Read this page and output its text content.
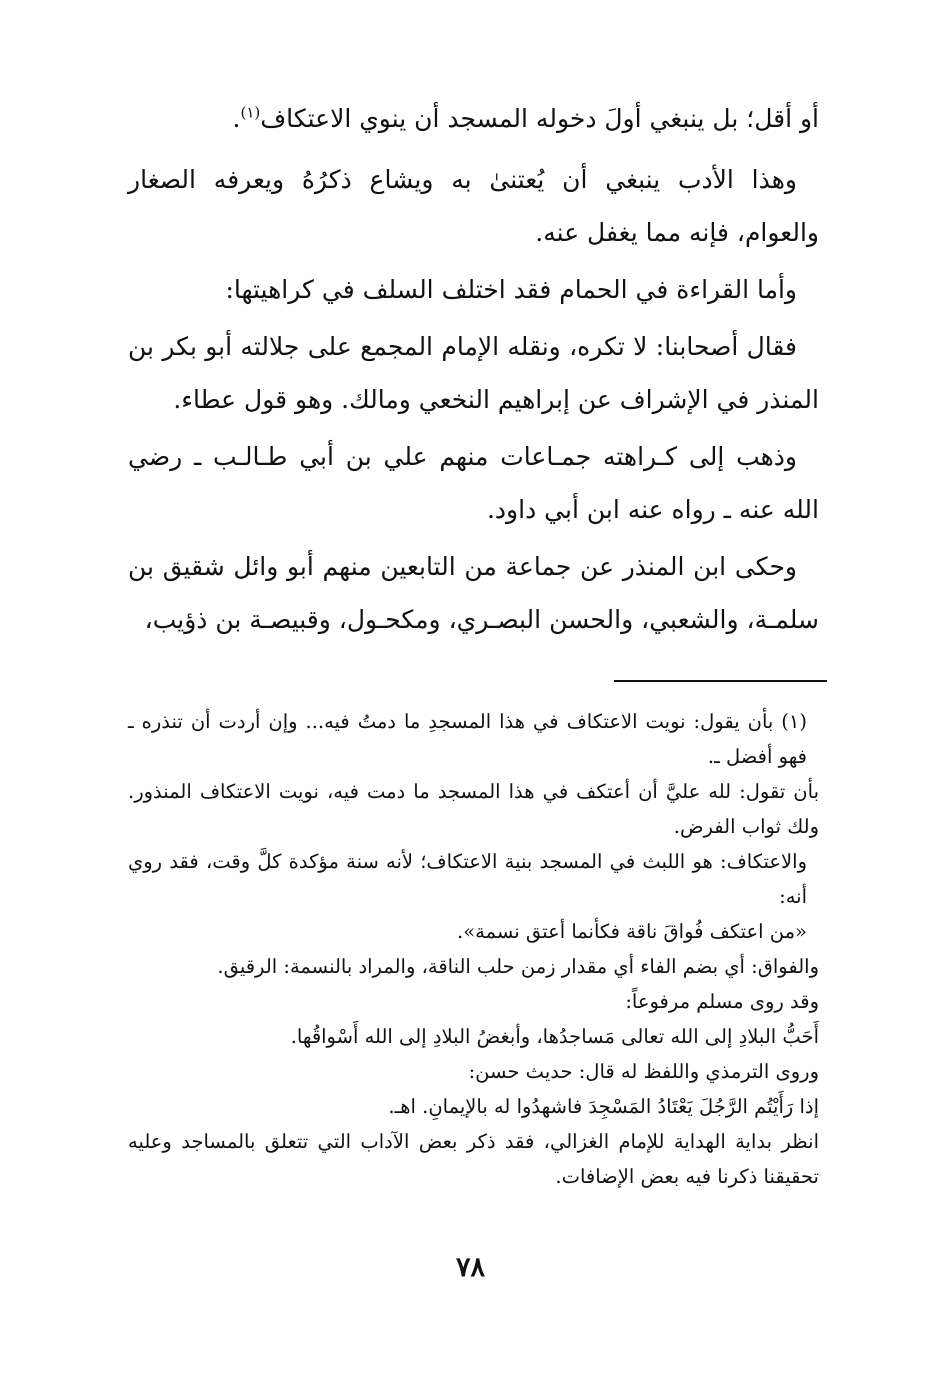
أو أقل؛ بل ينبغي أولَ دخوله المسجد أن ينوي الاعتكاف$^{(١)}$.

وهذا الأدب ينبغي أن يُعتنىٰ به ويشاع ذكرُهُ ويعرفه الصغار والعوام، فإنه مما يغفل عنه.

وأما القراءة في الحمام فقد اختلف السلف في كراهيتها:

فقال أصحابنا: لا تكره، ونقله الإمام المجمع على جلالته أبو بكر بن المنذر في الإشراف عن إبراهيم النخعي ومالك. وهو قول عطاء.

وذهب إلى كـراهته جمـاعات منهم علي بن أبي طـالـب ـ رضي الله عنه ـ رواه عنه ابن أبي داود.

وحكى ابن المنذر عن جماعة من التابعين منهم أبو وائل شقيق بن سلمـة، والشعبي، والحسن البصـري، ومكحـول، وقبيصـة بن ذؤيب،

(١) بأن يقول: نويت الاعتكاف في هذا المسجدِ ما دمتُ فيه... وإن أردت أن تنذره ـ فهو أفضل ـ.

بأن تقول: لله عليَّ أن أعتكف في هذا المسجد ما دمت فيه، نويت الاعتكاف المنذور. ولك ثواب الفرض.

والاعتكاف: هو اللبث في المسجد بنية الاعتكاف؛ لأنه سنة مؤكدة كلَّ وقت، فقد روي أنه:

«من اعتكف فُواقَ ناقة فكأنما أعتق نسمة».

والفواق: أي بضم الفاء أي مقدار زمن حلب الناقة، والمراد بالنسمة: الرقيق.

وقد روى مسلم مرفوعاً:

أَحَبُّ البلادِ إلى الله تعالى مَساجدُها، وأبغضُ البلادِ إلى الله أَسْواقُها.

وروى الترمذي واللفظ له قال: حديث حسن:

إذا رَأَيْتُم الرَّجُلَ يَعْتَادُ المَسْجِدَ فاشهدُوا له بالإيمانِ. اهـ.

انظر بداية الهداية للإمام الغزالي، فقد ذكر بعض الآداب التي تتعلق بالمساجد وعليه تحقيقنا ذكرنا فيه بعض الإضافات.

٧٨
